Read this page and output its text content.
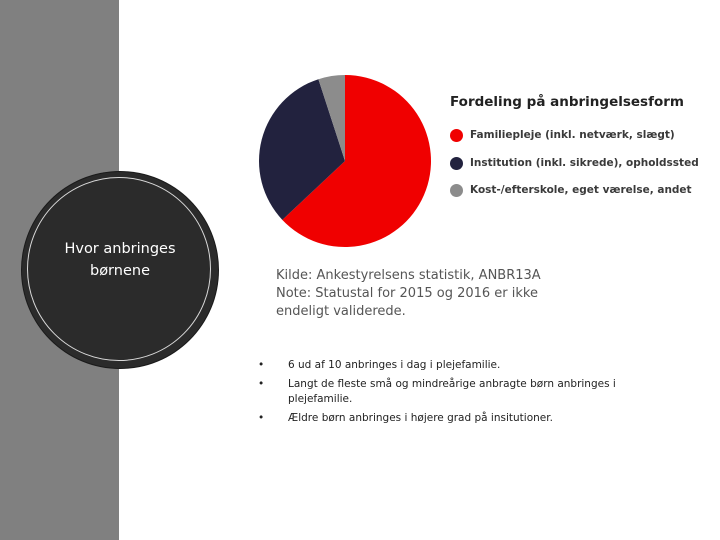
Hvor anbringes
børnene
Fordeling på anbringelsesform
Familiepleje (inkl. netværk, slægt)
Institution (inkl. sikrede), opholdssted
Kost-/efterskole, eget værelse, andet
Kilde: Ankestyrelsens statistik, ANBR13A
Note: Statustal for 2015 og 2016 er ikke
endeligt validerede.
•	6 ud af 10 anbringes i dag i plejefamilie.
•	Langt de fleste små og mindreårige anbragte børn anbringes i plejefamilie.
•	Ældre børn anbringes i højere grad på insitutioner.
